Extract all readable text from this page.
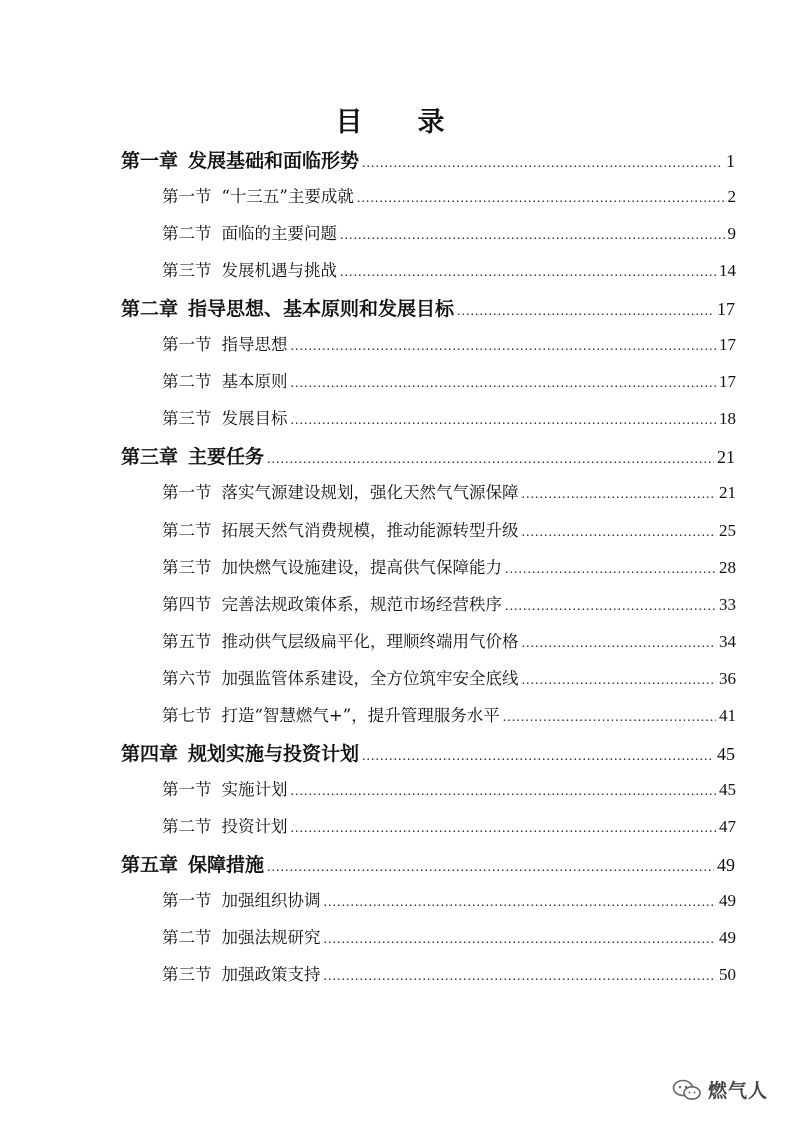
目　录
第一章 发展基础和面临形势 .....	1
第一节 “十三五”主要成就 .....	2
第二节 面临的主要问题 .....	9
第三节 发展机遇与挑战 .....	14
第二章 指导思想、基本原则和发展目标 .....	17
第一节 指导思想 .....	17
第二节 基本原则 .....	17
第三节 发展目标 .....	18
第三章 主要任务 .....	21
第一节 落实气源建设规划，强化天然气气源保障 .....	21
第二节 拓展天然气消费规模，推动能源转型升级 .....	25
第三节 加快燃气设施建设，提高供气保障能力 .....	28
第四节 完善法规政策体系，规范市场经营秩序 .....	33
第五节 推动供气层级扁平化，理顺终端用气价格 .....	34
第六节 加强监管体系建设，全方位筑牢安全底线 .....	36
第七节 打造“智慧燃气+”，提升管理服务水平 .....	41
第四章 规划实施与投资计划 .....	45
第一节 实施计划 .....	45
第二节 投资计划 .....	47
第五章 保障措施 .....	49
第一节 加强组织协调 .....	49
第二节 加强法规研究 .....	49
第三节 加强政策支持 .....	50
燃气人
